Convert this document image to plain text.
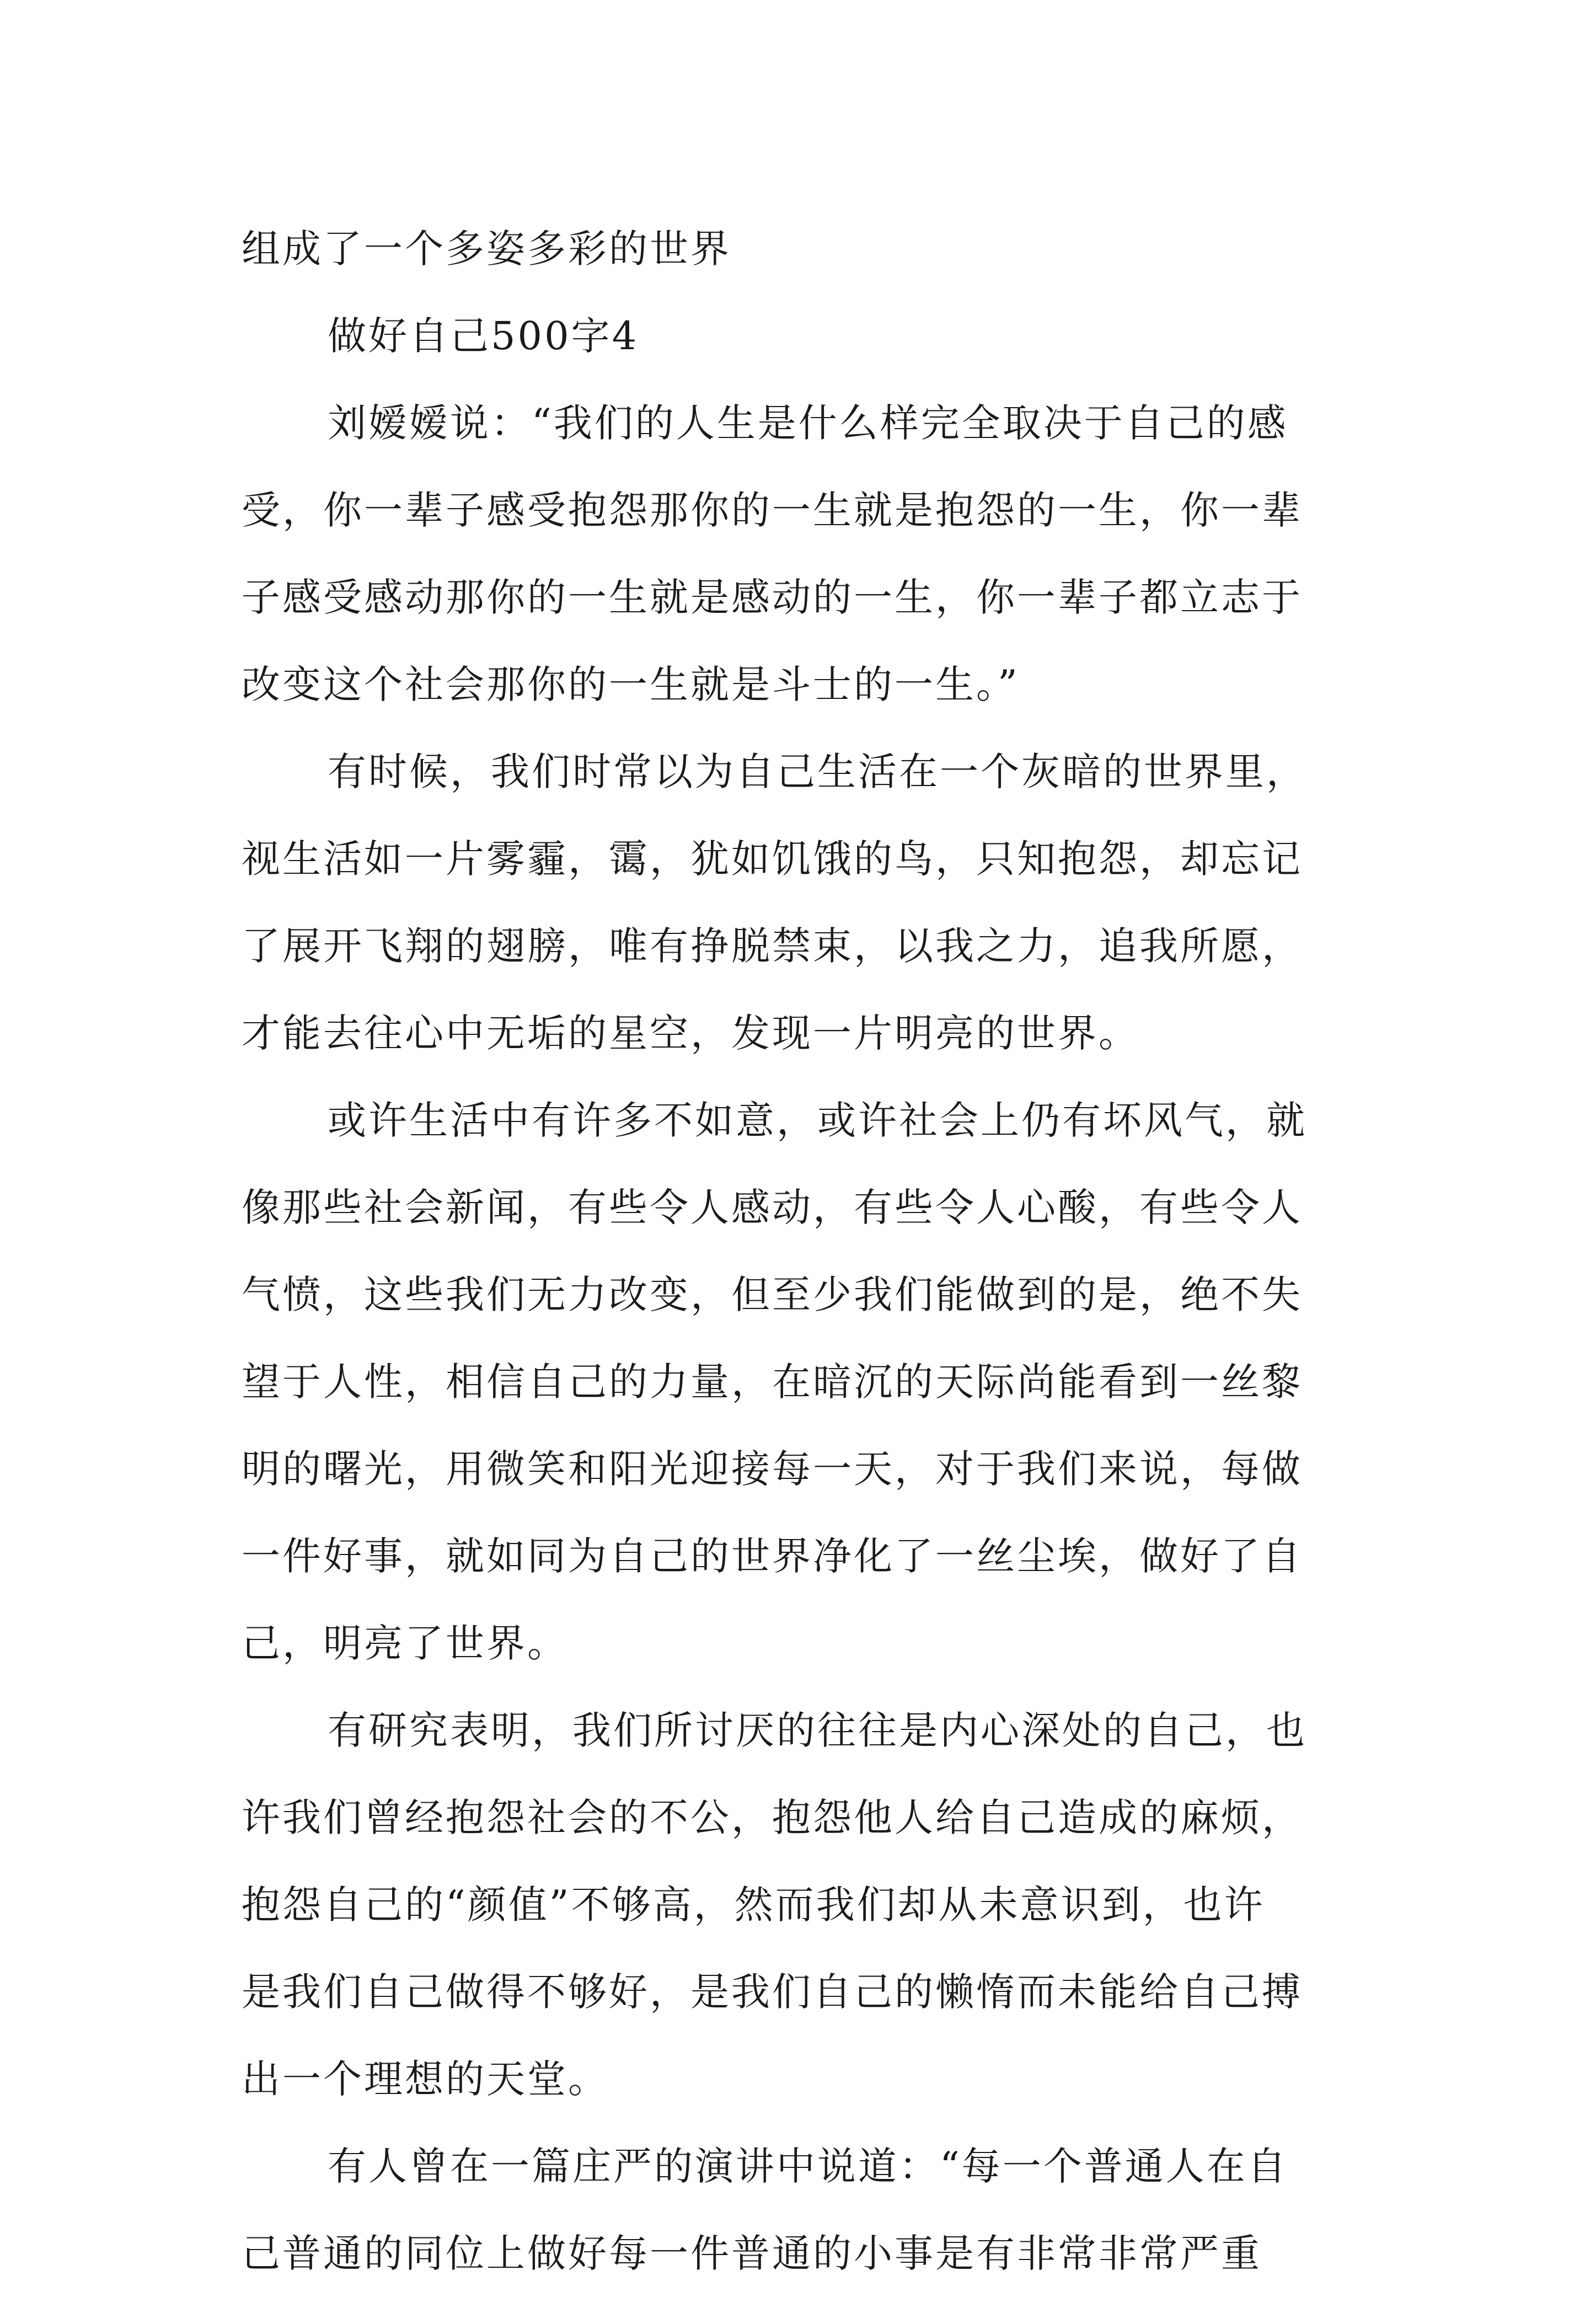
组成了一个多姿多彩的世界
做好自己500字4
刘嫒嫒说：“我们的人生是什么样完全取决于自己的感
受，你一辈子感受抱怨那你的一生就是抱怨的一生，你一辈
子感受感动那你的一生就是感动的一生，你一辈子都立志于
改变这个社会那你的一生就是斗士的一生。”
有时候，我们时常以为自己生活在一个灰暗的世界里，
视生活如一片雾霾，霭，犹如饥饿的鸟，只知抱怨，却忘记
了展开飞翔的翅膀，唯有挣脱禁束，以我之力，追我所愿，
才能去往心中无垢的星空，发现一片明亮的世界。
或许生活中有许多不如意，或许社会上仍有坏风气，就
像那些社会新闻，有些令人感动，有些令人心酸，有些令人
气愤，这些我们无力改变，但至少我们能做到的是，绝不失
望于人性，相信自己的力量，在暗沉的天际尚能看到一丝黎
明的曙光，用微笑和阳光迎接每一天，对于我们来说，每做
一件好事，就如同为自己的世界净化了一丝尘埃，做好了自
己，明亮了世界。
有研究表明，我们所讨厌的往往是内心深处的自己，也
许我们曾经抱怨社会的不公，抱怨他人给自己造成的麻烦，
抱怨自己的“颜值”不够高，然而我们却从未意识到，也许
是我们自己做得不够好，是我们自己的懒惰而未能给自己搏
出一个理想的天堂。
有人曾在一篇庄严的演讲中说道：“每一个普通人在自
己普通的同位上做好每一件普通的小事是有非常非常严重
